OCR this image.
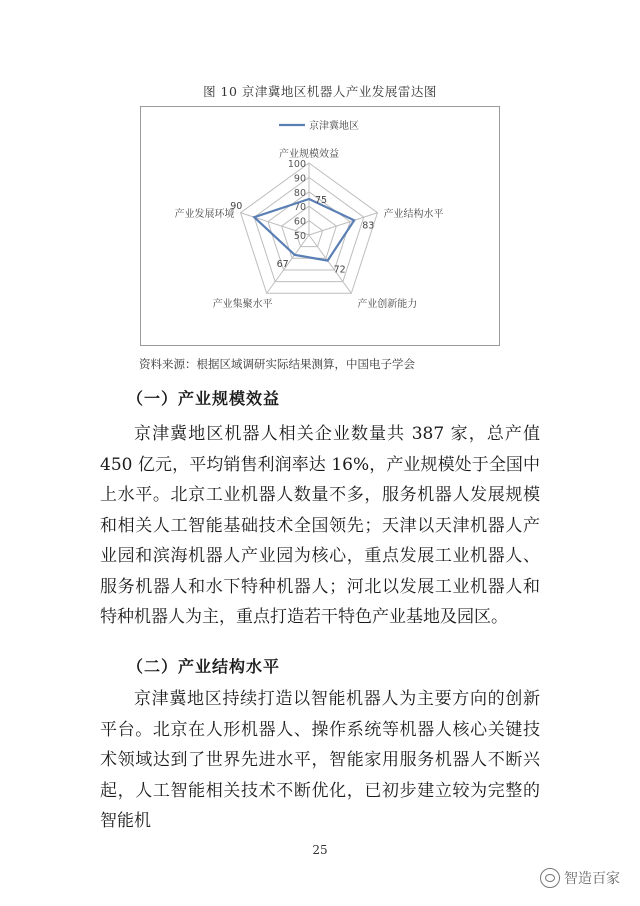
图 10 京津冀地区机器人产业发展雷达图
100
90
80
70
60
50
75
83
72
67
90
产业规模效益
产业结构水平
产业创新能力
产业集聚水平
产业发展环境
京津冀地区
资料来源：根据区域调研实际结果测算，中国电子学会
（一）产业规模效益
京津冀地区机器人相关企业数量共 387 家，总产值 450 亿元，平均销售利润率达 16%，产业规模处于全国中上水平。北京工业机器人数量不多，服务机器人发展规模和相关人工智能基础技术全国领先；天津以天津机器人产业园和滨海机器人产业园为核心，重点发展工业机器人、服务机器人和水下特种机器人；河北以发展工业机器人和特种机器人为主，重点打造若干特色产业基地及园区。
（二）产业结构水平
京津冀地区持续打造以智能机器人为主要方向的创新平台。北京在人形机器人、操作系统等机器人核心关键技术领域达到了世界先进水平，智能家用服务机器人不断兴起，人工智能相关技术不断优化，已初步建立较为完整的智能机
25
智造百家
